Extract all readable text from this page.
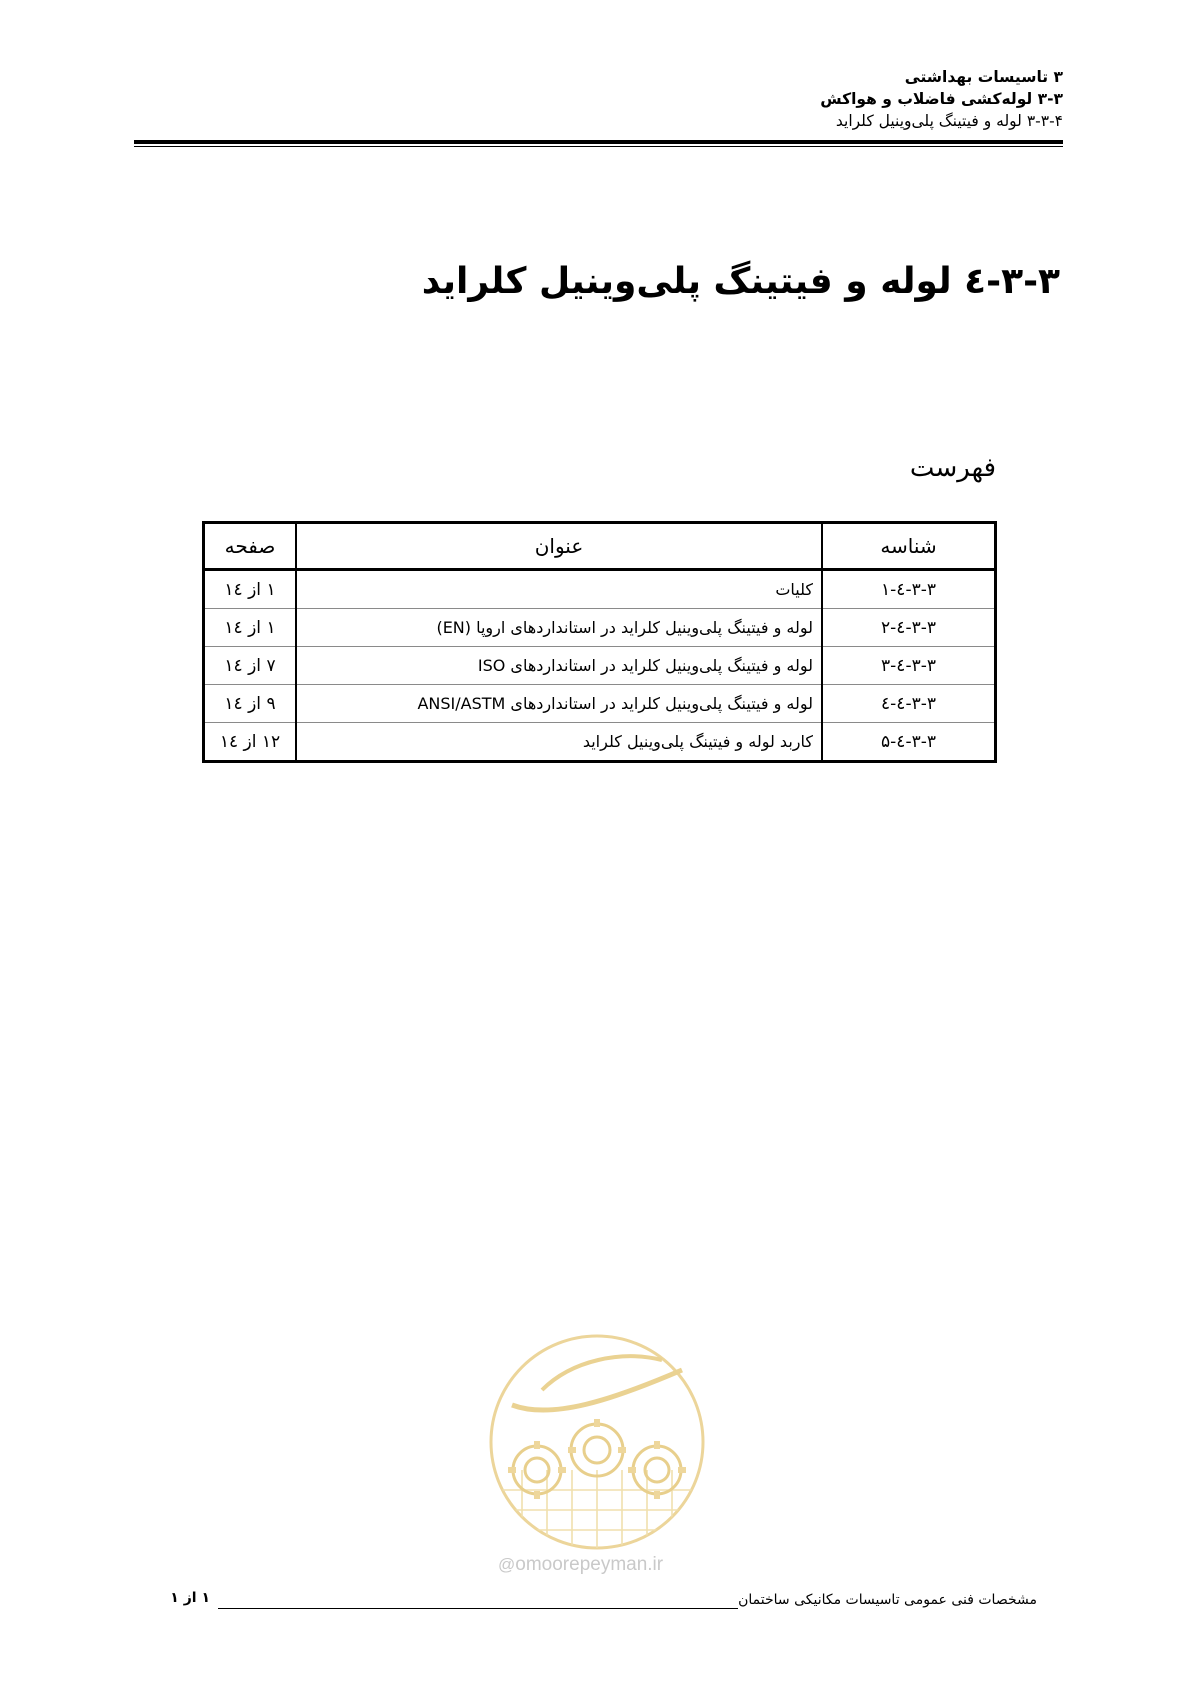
۳ تاسیسات بهداشتی
۳-۳ لوله‌کشی فاضلاب و هواکش
۳-۳-۴ لوله و فیتینگ پلی‌وینیل کلراید
۳-۳-٤ لوله و فیتینگ پلی‌وینیل کلراید
فهرست
شناسه	عنوان	صفحه
۳-۳-٤-۱	کلیات	۱ از ١٤
۳-۳-٤-۲	لوله و فیتینگ پلی‌وینیل کلراید در استانداردهای اروپا (EN)	۱ از ١٤
۳-۳-٤-۳	لوله و فیتینگ پلی‌وینیل کلراید در استانداردهای ISO	۷ از ١٤
۳-۳-٤-٤	لوله و فیتینگ پلی‌وینیل کلراید در استانداردهای ANSI/ASTM	۹ از ١٤
۳-۳-٤-۵	کاربد لوله و فیتینگ پلی‌وینیل کلراید	۱۲ از ١٤
@omoorepeyman.ir
مشخصات فنی عمومی تاسیسات مکانیکی ساختمان
۱ از ۱
